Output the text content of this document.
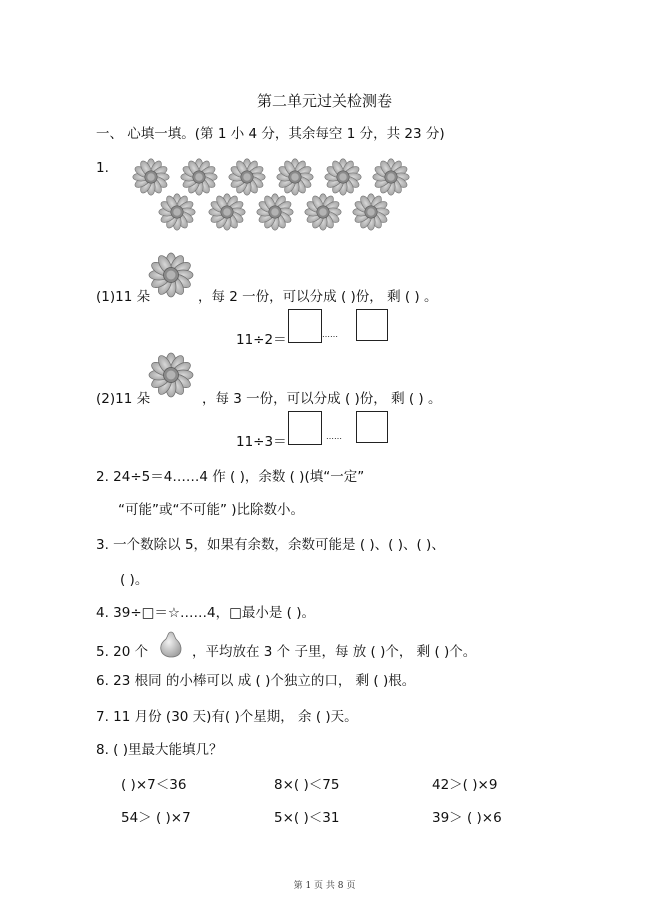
第二单元过关检测卷
一、 心填一填。(第 1 小 4 分，其余每空 1 分，共 23 分)
1.
(1)11 朵	，每 2 一份，可以分成 ( )份， 剩 ( ) 。
11÷2＝	……
(2)11 朵	，每 3 一份，可以分成 ( )份， 剩 ( ) 。
11÷3＝	……
2. 24÷5＝4……4 作 ( )，余数 ( )(填“一定”
“可能”或“不可能” )比除数小。
3. 一个数除以 5，如果有余数，余数可能是 ( )、( )、( )、
( )。
4. 39÷□＝☆……4，□最小是 ( )。
5. 20 个	，平均放在 3 个 子里，每 放 ( )个， 剩 ( )个。
6. 23 根同 的小棒可以 成 ( )个独立的口， 剩 ( )根。
7. 11 月份 (30 天)有( )个星期， 余 ( )天。
8. ( )里最大能填几？
( )×7＜36	8×( )＜75	42＞( )×9
54＞ ( )×7	5×( )＜31	39＞ ( )×6
第 1 页 共 8 页
